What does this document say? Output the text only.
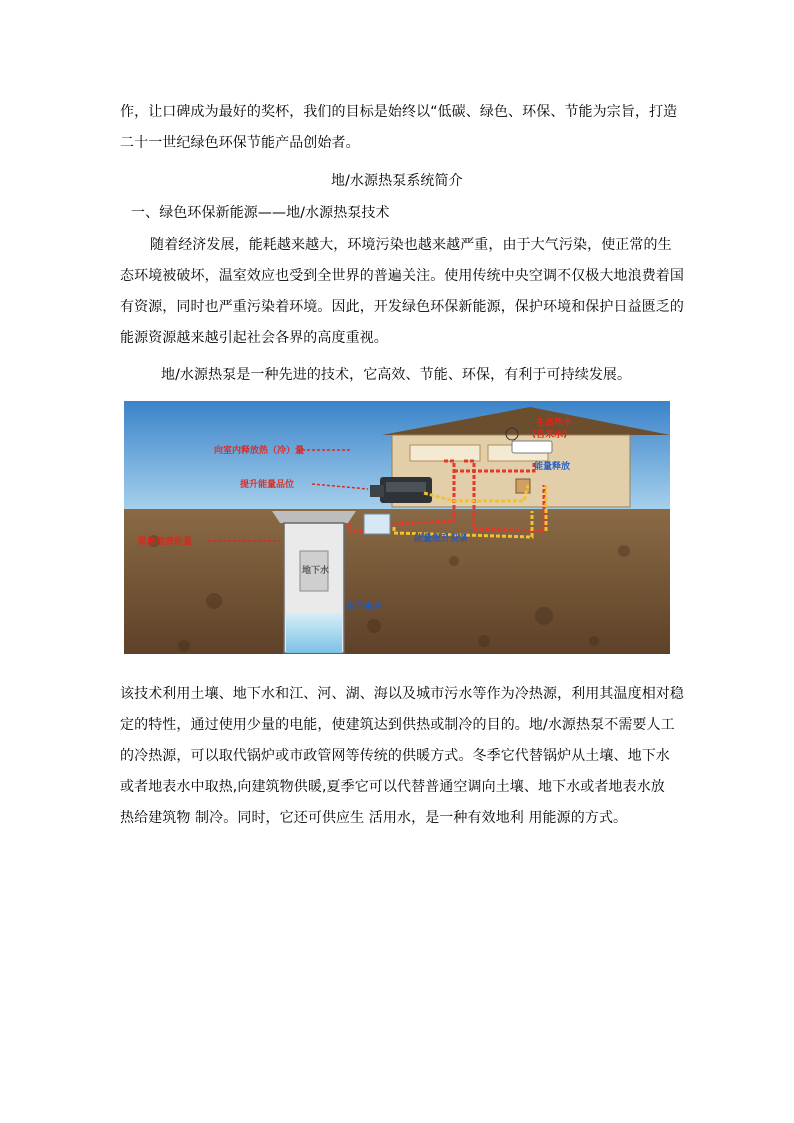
作，让口碑成为最好的奖杯，我们的目标是始终以“低碳、绿色、环保、节能为宗旨，打造
二十一世纪绿色环保节能产品创始者。
地/水源热泵系统简介
一、绿色环保新能源——地/水源热泵技术
随着经济发展，能耗越来越大，环境污染也越来越严重，由于大气污染，使正常的生
态环境被破坏，温室效应也受到全世界的普遍关注。使用传统中央空调不仅极大地浪费着国
有资源，同时也严重污染着环境。因此，开发绿色环保新能源，保护环境和保护日益匮乏的
能源资源越来越引起社会各界的高度重视。
地/水源热泵是一种先进的技术，它高效、节能、环保，有利于可持续发展。
向室内释放热（冷）量
提升能量品位
生活热水
(自来水)
能量释放
能量提升设备
吸取地表能量
地下水
地下水井
该技术利用土壤、地下水和江、河、湖、海以及城市污水等作为冷热源，利用其温度相对稳
定的特性，通过使用少量的电能，使建筑达到供热或制冷的目的。地/水源热泵不需要人工
的冷热源，可以取代锅炉或市政管网等传统的供暖方式。冬季它代替锅炉从土壤、地下水
或者地表水中取热,向建筑物供暖,夏季它可以代替普通空调向土壤、地下水或者地表水放
热给建筑物 制冷。同时，它还可供应生 活用水，是一种有效地利 用能源的方式。
